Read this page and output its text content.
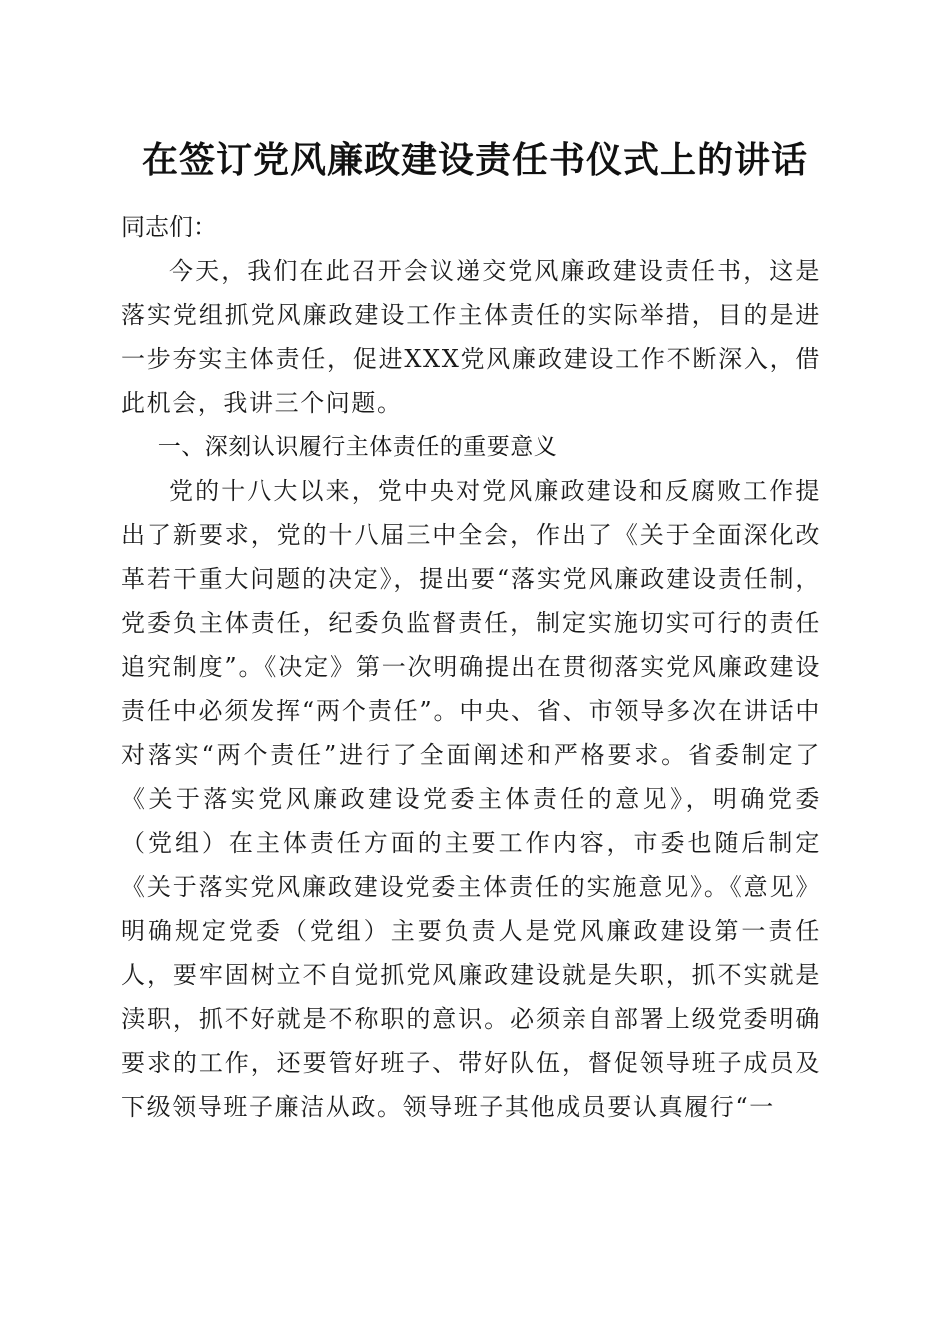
在签订党风廉政建设责任书仪式上的讲话

同志们：

今天，我们在此召开会议递交党风廉政建设责任书，这是落实党组抓党风廉政建设工作主体责任的实际举措，目的是进一步夯实主体责任，促进XXX党风廉政建设工作不断深入，借此机会，我讲三个问题。

一、深刻认识履行主体责任的重要意义

党的十八大以来，党中央对党风廉政建设和反腐败工作提出了新要求，党的十八届三中全会，作出了《关于全面深化改革若干重大问题的决定》，提出要“落实党风廉政建设责任制，党委负主体责任，纪委负监督责任，制定实施切实可行的责任追究制度”。《决定》第一次明确提出在贯彻落实党风廉政建设责任中必须发挥“两个责任”。中央、省、市领导多次在讲话中对落实“两个责任”进行了全面阐述和严格要求。省委制定了《关于落实党风廉政建设党委主体责任的意见》，明确党委（党组）在主体责任方面的主要工作内容，市委也随后制定《关于落实党风廉政建设党委主体责任的实施意见》。《意见》明确规定党委（党组）主要负责人是党风廉政建设第一责任人，要牢固树立不自觉抓党风廉政建设就是失职，抓不实就是渎职，抓不好就是不称职的意识。必须亲自部署上级党委明确要求的工作，还要管好班子、带好队伍，督促领导班子成员及下级领导班子廉洁从政。领导班子其他成员要认真履行“一
